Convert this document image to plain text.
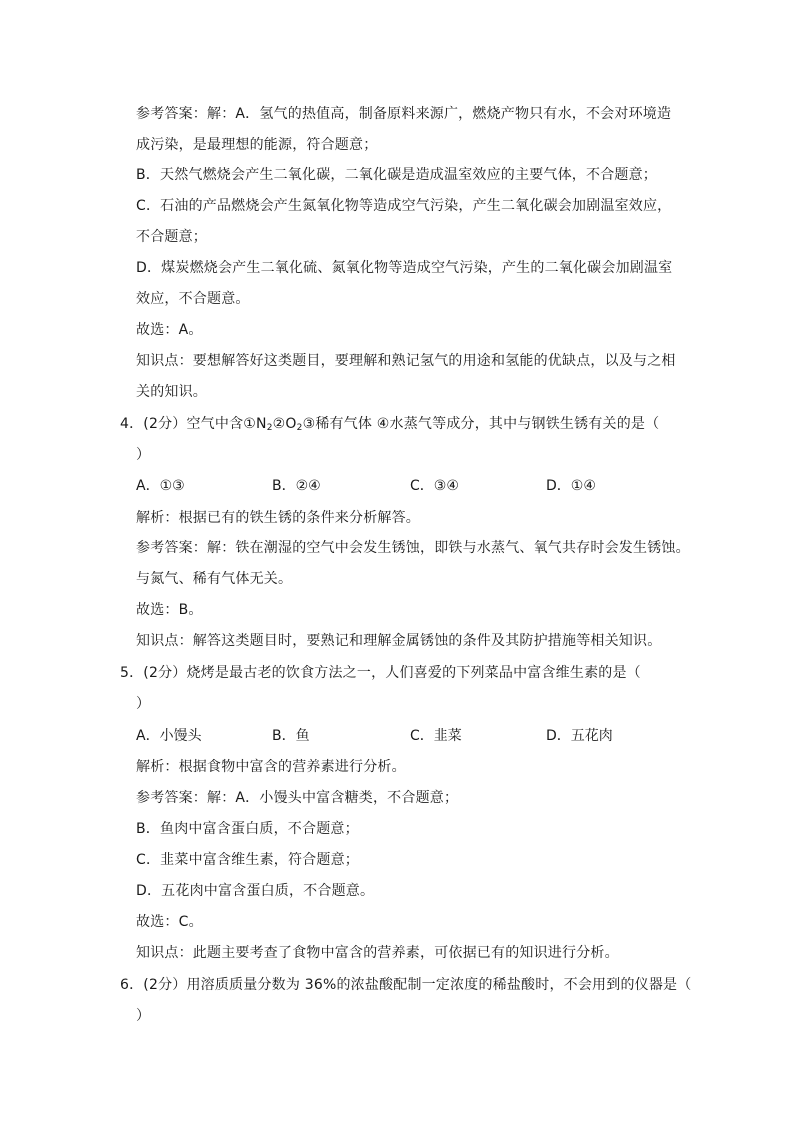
参考答案：解：A．氢气的热值高，制备原料来源广，燃烧产物只有水，不会对环境造
成污染，是最理想的能源，符合题意；
B．天然气燃烧会产生二氧化碳，二氧化碳是造成温室效应的主要气体，不合题意；
C．石油的产品燃烧会产生氮氧化物等造成空气污染，产生二氧化碳会加剧温室效应，
不合题意；
D．煤炭燃烧会产生二氧化硫、氮氧化物等造成空气污染，产生的二氧化碳会加剧温室
效应，不合题意。
故选：A。
知识点：要想解答好这类题目，要理解和熟记氢气的用途和氢能的优缺点，以及与之相
关的知识。
4．(2分）空气中含$①N_2②O_2③$稀有气体 ④水蒸气等成分，其中与钢铁生锈有关的是（
）
A．①③	B．②④	C．③④	D．①④
解析：根据已有的铁生锈的条件来分析解答。
参考答案：解：铁在潮湿的空气中会发生锈蚀，即铁与水蒸气、氧气共存时会发生锈蚀。
与氮气、稀有气体无关。
故选：B。
知识点：解答这类题目时，要熟记和理解金属锈蚀的条件及其防护措施等相关知识。
5．(2分）烧烤是最古老的饮食方法之一，人们喜爱的下列菜品中富含维生素的是（
）
A．小馒头	B．鱼	C．韭菜	D．五花肉
解析：根据食物中富含的营养素进行分析。
参考答案：解：A．小馒头中富含糖类，不合题意；
B．鱼肉中富含蛋白质，不合题意；
C．韭菜中富含维生素，符合题意；
D．五花肉中富含蛋白质，不合题意。
故选：C。
知识点：此题主要考查了食物中富含的营养素，可依据已有的知识进行分析。
6．(2分）用溶质质量分数为 36%的浓盐酸配制一定浓度的稀盐酸时，不会用到的仪器是（
）
